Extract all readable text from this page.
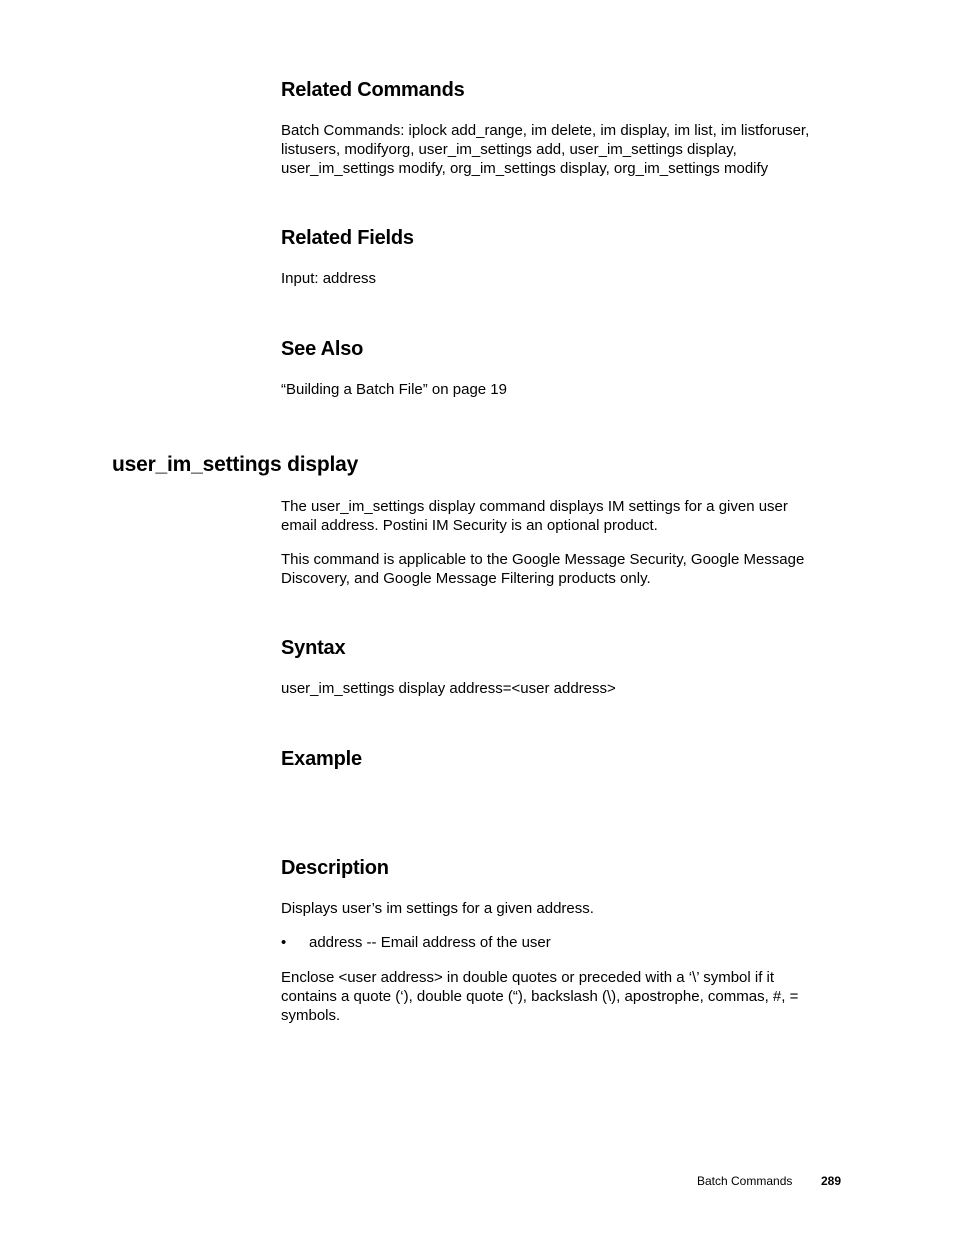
Related Commands

Batch Commands: iplock add_range, im delete, im display, im list, im listforuser,
listusers, modifyorg, user_im_settings add, user_im_settings display,
user_im_settings modify, org_im_settings display, org_im_settings modify

Related Fields

Input: address

See Also

“Building a Batch File” on page 19

user_im_settings display

The user_im_settings display command displays IM settings for a given user
email address. Postini IM Security is an optional product.

This command is applicable to the Google Message Security, Google Message
Discovery, and Google Message Filtering products only.

Syntax

user_im_settings display address=<user address>

Example
Description

Displays user’s im settings for a given address.

• address -- Email address of the user

Enclose <user address> in double quotes or preceded with a ‘\’ symbol if it
contains a quote (‘), double quote (“), backslash (\), apostrophe, commas, #, =
symbols.

Batch Commands 289
